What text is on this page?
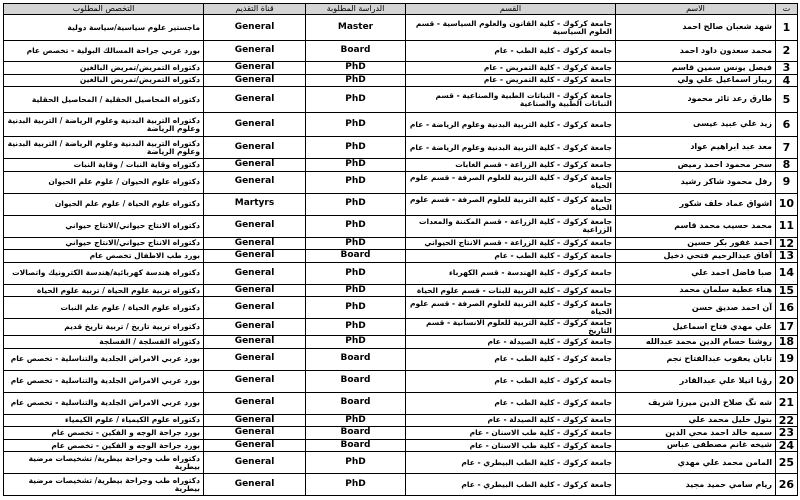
ت	الاسم	القسم	الدراسة المطلوبة	قناة التقديم	التخصص المطلوب
1	شهد شعبان صالح احمد	جامعة كركوك - كلية القانون والعلوم السياسية - قسم العلوم السياسية	Master	General	ماجستير علوم سياسية/سياسة دولية
2	محمد سعدون داود احمد	جامعة كركوك - كلية الطب - عام	Board	General	بورد عربي جراحة المسالك البولية - تخصص عام
3	فيصل يونس سمين قاسم	جامعة كركوك - كلية التمريض - عام	PhD	General	دكتوراه التمريض/تمريض البالغين
4	ريباز اسماعيل علي ولي	جامعة كركوك - كلية التمريض - عام	PhD	General	دكتوراه التمريض/تمريض البالغين
5	طارق رعد ثائر محمود	جامعة كركوك - النباتات الطبية والصناعية - قسم النباتات الطبية والصناعية	PhD	General	دكتوراه المحاصيل الحقلية / المحاصيل الحقلية
6	زيد علي عبيد عيسى	جامعة كركوك - كلية التربية البدنية وعلوم الرياضة - عام	PhD	General	دكتوراه التربية البدنية وعلوم الرياضة / التربية البدنية وعلوم الرياضة
7	معد عبد ابراهيم عواد	جامعة كركوك - كلية التربية البدنية وعلوم الرياضة - عام	PhD	General	دكتوراه التربية البدنية وعلوم الرياضة / التربية البدنية وعلوم الرياضة
8	سحر محمود احمد رميض	جامعة كركوك - كلية الزراعة - قسم الغابات	PhD	General	دكتوراه وقاية النبات / وقاية النبات
9	رفل محمود شاكر رشيد	جامعة كركوك - كلية التربية للعلوم الصرفة - قسم علوم الحياة	PhD	General	دكتوراه علوم الحيوان / علوم علم الحيوان
10	اشواق عماد خلف شكور	جامعة كركوك - كلية التربية للعلوم الصرفة - قسم علوم الحياة	PhD	Martyrs	دكتوراه علوم الحياة / علوم علم الحيوان
11	محمد حسيب محمد قاسم	جامعة كركوك - كلية الزراعة - قسم المكننة والمعدات الزراعية	PhD	General	دكتوراه الانتاج حيواني/الانتاج حيواني
12	احمد غفور بكر حسين	جامعة كركوك - كلية الزراعة - قسم الانتاج الحيواني	PhD	General	دكتوراه الانتاج حيواني/الانتاج حيواني
13	آفاق عبدالرحيم فتحي دخيل	جامعة كركوك - كلية الطب - عام	Board	General	بورد طب الاطفال تخصص عام
14	صبا فاضل احمد علي	جامعة كركوك - كلية الهندسة - قسم الكهرباء	PhD	General	دكتوراه هندسة كهربائية/هندسة الكترونيك واتصالات
15	هناء عطية سلمان محمد	جامعة كركوك - كلية التربية للبنات - قسم علوم الحياة	PhD	General	دكتوراه تربية علوم الحياة / تربية علوم الحياة
16	آن احمد صديق حسن	جامعة كركوك - كلية التربية للعلوم الصرفة - قسم علوم الحياة	PhD	General	دكتوراه علوم الحياة / علوم علم النبات
17	علي مهدي فتاح اسماعيل	جامعة كركوك - كلية التربية للعلوم الانسانية - قسم التاريخ	PhD	General	دكتوراه تربية تاريخ / تربية تاريخ قديم
18	روشنا حسام الدين محمد عبدالله	جامعة كركوك - كلية الصيدلة - عام	PhD	General	دكتوراه الفسلجة / الفسلجة
19	تابان يعقوب عبدالفتاح نجم	جامعة كركوك - كلية الطب - عام	Board	General	بورد عربي الامراض الجلدية والتناسلية - تخصص عام
20	رؤيا اتيلا علي عبدالقادر	جامعة كركوك - كلية الطب - عام	Board	General	بورد عربي الامراض الجلدية والتناسلية - تخصص عام
21	شه نگ صلاح الدين ميرزا شريف	جامعة كركوك - كلية الطب - عام	Board	General	بورد عربي الامراض الجلدية والتناسلية - تخصص عام
22	بتول خليل محمد علي	جامعة كركوك - كلية الصيدلة - عام	PhD	General	دكتوراه علوم الكيمياء / علوم الكيمياء
23	سميه خالد احمد محي الدين	جامعة كركوك - كلية طب الاسنان - عام	Board	General	بورد جراحة الوجه و الفكين - تخصص عام
24	شيخه غانم مصطفى عباس	جامعة كركوك - كلية طب الاسنان - عام	Board	General	بورد جراحة الوجه و الفكين - تخصص عام
25	المامن محمد علي مهدي	جامعة كركوك - كلية الطب البيطري - عام	PhD	General	دكتوراه طب وجراحة بيطرية/ تشخيصات مرضية بيطرية
26	ريام سامي حميد مجيد	جامعة كركوك - كلية الطب البيطري - عام	PhD	General	دكتوراه طب وجراحة بيطرية/ تشخيصات مرضية بيطرية
